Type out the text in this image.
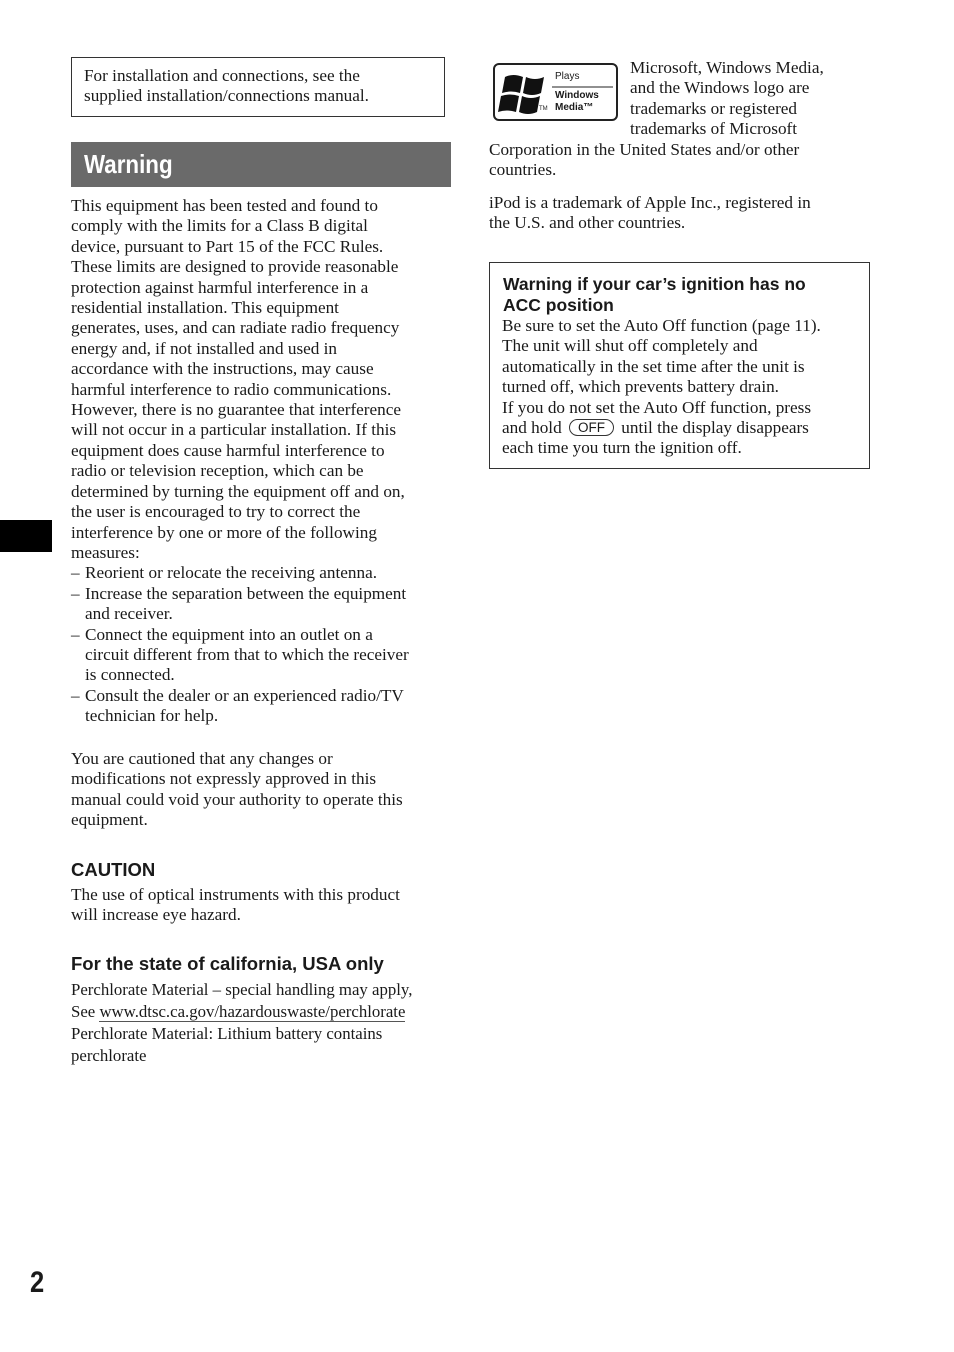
For installation and connections, see the

supplied installation/connections manual.

Warning

This equipment has been tested and found to

comply with the limits for a Class B digital

device, pursuant to Part 15 of the FCC Rules.

These limits are designed to provide reasonable

protection against harmful interference in a

residential installation. This equipment

generates, uses, and can radiate radio frequency

energy and, if not installed and used in

accordance with the instructions, may cause

harmful interference to radio communications.

However, there is no guarantee that interference

will not occur in a particular installation. If this

equipment does cause harmful interference to

radio or television reception, which can be

determined by turning the equipment off and on,

the user is encouraged to try to correct the

interference by one or more of the following

measures:

– Reorient or relocate the receiving antenna.

– Increase the separation between the equipment

and receiver.

– Connect the equipment into an outlet on a

circuit different from that to which the receiver

is connected.

– Consult the dealer or an experienced radio/TV

technician for help.

You are cautioned that any changes or

modifications not expressly approved in this

manual could void your authority to operate this

equipment.

CAUTION

The use of optical instruments with this product

will increase eye hazard.

For the state of california, USA only

Perchlorate Material – special handling may apply,

See www.dtsc.ca.gov/hazardouswaste/perchlorate

Perchlorate Material: Lithium battery contains

perchlorate

2
Plays
Windows
Media™
TM

Microsoft, Windows Media,

and the Windows logo are

trademarks or registered

trademarks of Microsoft

Corporation in the United States and/or other

countries.

iPod is a trademark of Apple Inc., registered in

the U.S. and other countries.

Warning if your car’s ignition has no

ACC position

Be sure to set the Auto Off function (page 11).

The unit will shut off completely and

automatically in the set time after the unit is

turned off, which prevents battery drain.

If you do not set the Auto Off function, press

and hold OFF until the display disappears

each time you turn the ignition off.
